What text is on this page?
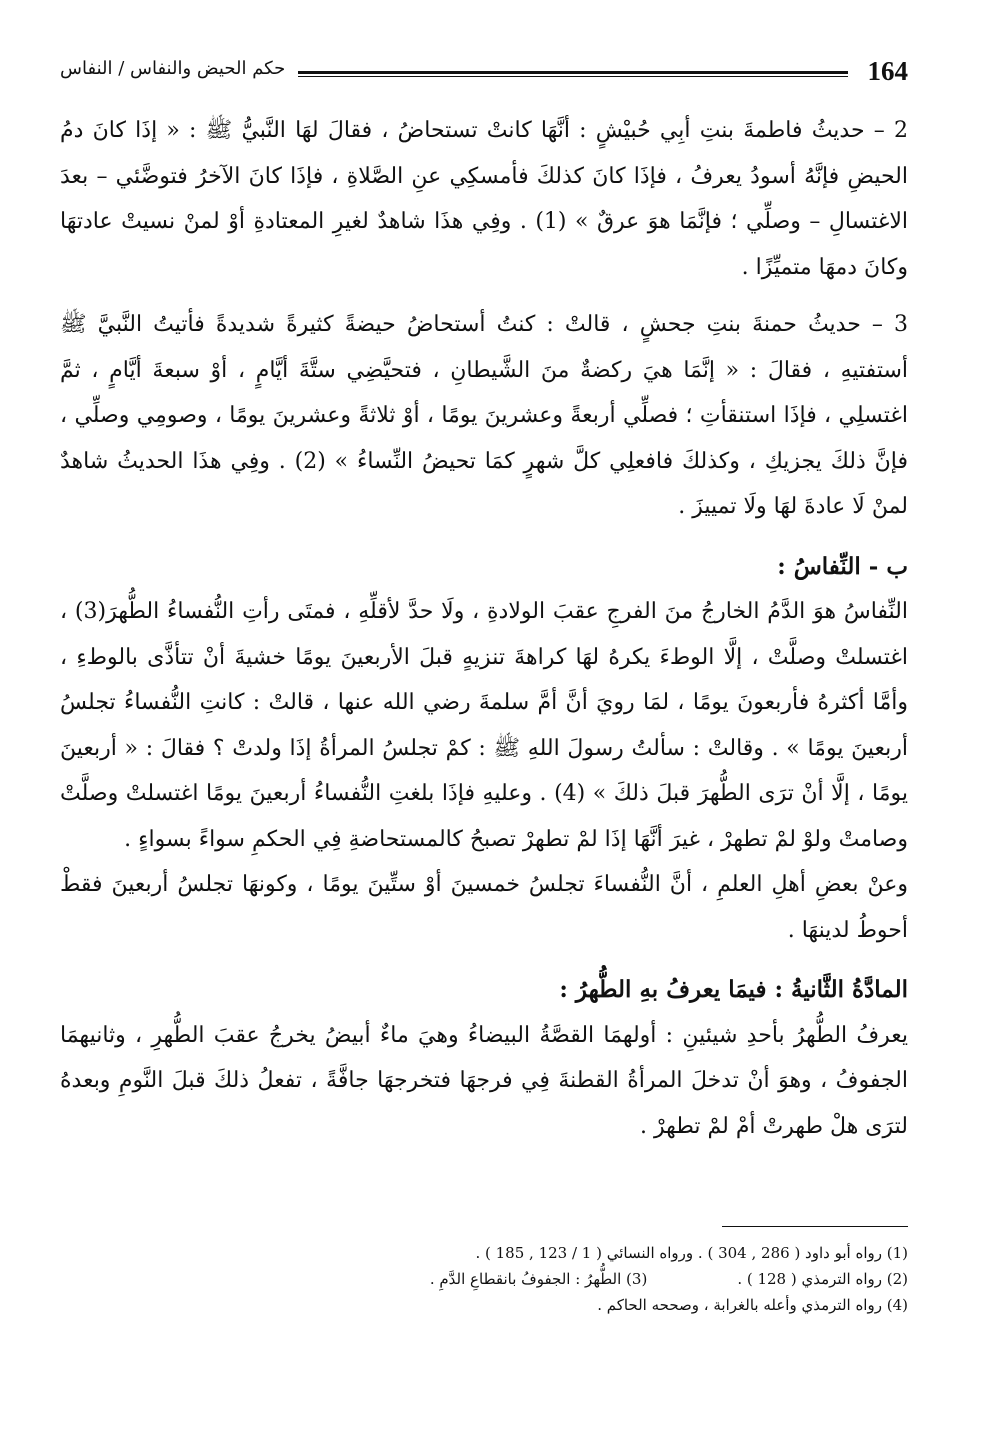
حكم الحيض والنفاس / النفاس	164

2 – حديثُ فاطمةَ بنتِ أبِي حُبيْشٍ : أنَّهَا كانتْ تستحاضُ ، فقالَ لهَا النَّبيُّ ﷺ : « إذَا كانَ دمُ الحيضِ فإنَّهُ أسودُ يعرفُ ، فإذَا كانَ كذلكَ فأمسكِي عنِ الصَّلاةِ ، فإذَا كانَ الآخرُ فتوضَّئي – بعدَ الاغتسالِ – وصلِّي ؛ فإنَّمَا هوَ عرقٌ » (1) . وفِي هذَا شاهدٌ لغيرِ المعتادةِ أوْ لمنْ نسيتْ عادتهَا وكانَ دمهَا متميِّزًا .

3 – حديثُ حمنةَ بنتِ جحشٍ ، قالتْ : كنتُ أستحاضُ حيضةً كثيرةً شديدةً فأتيتُ النَّبيَّ ﷺ أستفتيهِ ، فقالَ : « إنَّمَا هيَ ركضةٌ منَ الشَّيطانِ ، فتحيَّضِي ستَّةَ أيَّامٍ ، أوْ سبعةَ أيَّامٍ ، ثمَّ اغتسلِي ، فإذَا استنقأتِ ؛ فصلِّي أربعةً وعشرينَ يومًا ، أوْ ثلاثةً وعشرينَ يومًا ، وصومِي وصلِّي ، فإنَّ ذلكَ يجزيكِ ، وكذلكَ فافعلِي كلَّ شهرٍ كمَا تحيضُ النِّساءُ » (2) . وفِي هذَا الحديثُ شاهدٌ لمنْ لَا عادةَ لهَا ولَا تمييزَ .

ب - النِّفاسُ :

النِّفاسُ هوَ الدَّمُ الخارجُ منَ الفرجِ عقبَ الولادةِ ، ولَا حدَّ لأقلِّهِ ، فمتَى رأتِ النُّفساءُ الطُّهرَ(3) ، اغتسلتْ وصلَّتْ ، إلَّا الوطءَ يكرهُ لهَا كراهةَ تنزيهٍ قبلَ الأربعينَ يومًا خشيةَ أنْ تتأذَّى بالوطءِ ، وأمَّا أكثرهُ فأربعونَ يومًا ، لمَا رويَ أنَّ أمَّ سلمةَ رضي الله عنها ، قالتْ : كانتِ النُّفساءُ تجلسُ أربعينَ يومًا » . وقالتْ : سألتُ رسولَ اللهِ ﷺ : كمْ تجلسُ المرأةُ إذَا ولدتْ ؟ فقالَ : « أربعينَ يومًا ، إلَّا أنْ ترَى الطُّهرَ قبلَ ذلكَ » (4) . وعليهِ فإذَا بلغتِ النُّفساءُ أربعينَ يومًا اغتسلتْ وصلَّتْ وصامتْ ولوْ لمْ تطهرْ ، غيرَ أنَّهَا إذَا لمْ تطهرْ تصبحُ كالمستحاضةِ فِي الحكمِ سواءً بسواءٍ .

وعنْ بعضِ أهلِ العلمِ ، أنَّ النُّفساءَ تجلسُ خمسينَ أوْ ستِّينَ يومًا ، وكونهَا تجلسُ أربعينَ فقطْ أحوطُ لدينهَا .

المادَّةُ الثَّانيةُ : فيمَا يعرفُ بهِ الطُّهرُ :

يعرفُ الطُّهرُ بأحدِ شيئينِ : أولهمَا القصَّةُ البيضاءُ وهيَ ماءٌ أبيضُ يخرجُ عقبَ الطُّهرِ ، وثانيهمَا الجفوفُ ، وهوَ أنْ تدخلَ المرأةُ القطنةَ فِي فرجهَا فتخرجهَا جافَّةً ، تفعلُ ذلكَ قبلَ النَّومِ وبعدهُ لترَى هلْ طهرتْ أمْ لمْ تطهرْ .

(1) رواه أبو داود ( 286 , 304 ) . ورواه النسائي ( 1 / 123 , 185 ) .

(2) رواه الترمذي ( 128 ) .

(3) الطُّهرُ : الجفوفُ بانقطاعِ الدَّمِ .

(4) رواه الترمذي وأعله بالغرابة ، وصححه الحاكم .
